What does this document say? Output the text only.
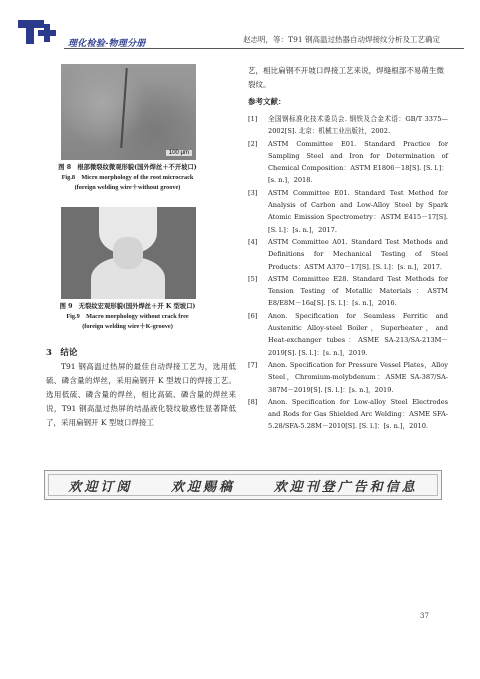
理化检验-物理分册	赵志明，等：T91 钢高温过热器自动焊接纹分析及工艺确定
100 μm
图 8　根部微裂纹微观形貌(国外焊丝＋不开坡口)
Fig.8　Micro morphology of the root microcrack
(foreign welding wire＋without groove)
图 9　无裂纹宏观形貌(国外焊丝＋开 K 型坡口)
Fig.9　Macro morphology without crack free
(foreign welding wire＋K-groove)
3　结论
T91 钢高温过热屏的最佳自动焊接工艺为，选用低硫、磷含量的焊丝，采用扁钢开 K 型坡口的焊接工艺。选用低硫、磷含量的焊丝，相比高硫、磷含量的焊丝来说，T91 钢高温过热屏的结晶液化裂纹敏感性显著降低了，采用扁钢开 K 型坡口焊接工
艺，相比扁钢不开坡口焊接工艺来说，焊缝根部不易萌生微裂纹。
参考文献：
[1]	全国钢标准化技术委员会. 钢铁及合金术语：GB/T 3375—2002[S]. 北京：机械工业出版社，2002.
[2]	ASTM Committee E01. Standard Practice for Sampling Steel and Iron for Determination of Chemical Composition：ASTM E1806－18[S]. [S. l.]：[s. n.]，2018.
[3]	ASTM Committee E01. Standard Test Method for Analysis of Carbon and Low-Alloy Steel by Spark Atomic Emission Spectrometry：ASTM E415－17[S]. [S. l.]：[s. n.]，2017.
[4]	ASTM Committee A01. Standard Test Methods and Definitions for Mechanical Testing of Steel Products：ASTM A370－17[S]. [S. l.]：[s. n.]，2017.
[5]	ASTM Committee E28. Standard Test Methods for Tension Testing of Metallic Materials：ASTM E8/E8M－16a[S]. [S. l.]：[s. n.]，2016.
[6]	Anon. Specification for Seamless Ferritic and Austenitic Alloy-steel Boiler，Superheater，and Heat-exchanger tubes：ASME SA-213/SA-213M－2019[S]. [S. l.]：[s. n.]，2019.
[7]	Anon. Specification for Pressure Vessel Plates，Alloy Steel，Chromium-molybdenum：ASME SA-387/SA-387M－2019[S]. [S. l.]：[s. n.]，2019.
[8]	Anon. Specification for Low-alloy Steel Electrodes and Rods for Gas Shielded Arc Welding：ASME SFA-5.28/SFA-5.28M－2010[S]. [S. l.]：[s. n.]，2010.
欢迎订阅	欢迎赐稿	欢迎刊登广告和信息
37
